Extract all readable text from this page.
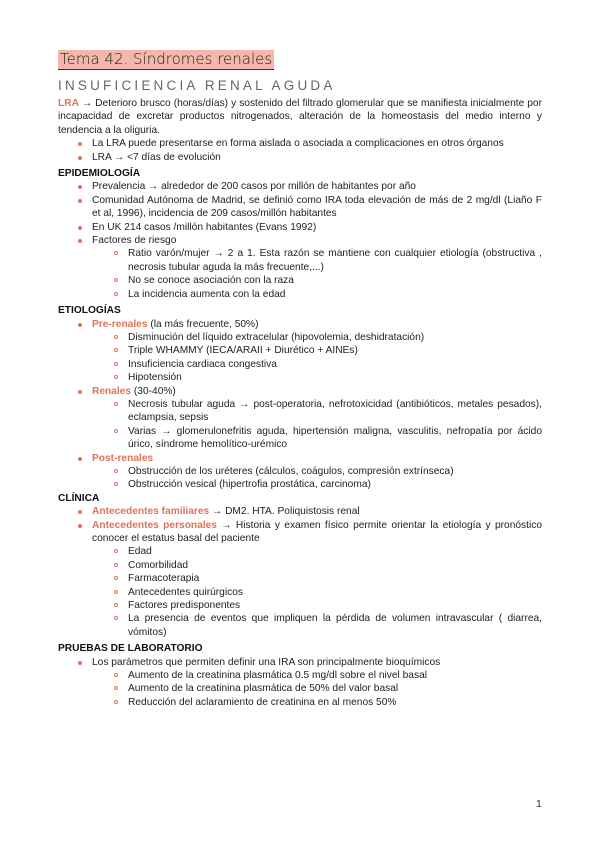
Tema 42. Síndromes renales
INSUFICIENCIA RENAL AGUDA

LRA → Deterioro brusco (horas/días) y sostenido del filtrado glomerular que se manifiesta inicialmente por incapacidad de excretar productos nitrogenados, alteración de la homeostasis del medio interno y tendencia a la oliguria.

La LRA puede presentarse en forma aislada o asociada a complicaciones en otros órganos
LRA → <7 días de evolución

EPIDEMIOLOGÍA

Prevalencia → alrededor de 200 casos por millón de habitantes por año
Comunidad Autónoma de Madrid, se definió como IRA toda elevación de más de 2 mg/dl (Liaño F et al, 1996), incidencia de 209 casos/millón habitantes
En UK 214 casos /millón habitantes (Evans 1992)
Factores de riesgo
Ratio varón/mujer → 2 a 1. Esta razón se mantiene con cualquier etiología (obstructiva , necrosis tubular aguda la más frecuente,...)
No se conoce asociación con la raza
La incidencia aumenta con la edad

ETIOLOGÍAS

Pre-renales (la más frecuente, 50%)
Disminución del líquido extracelular (hipovolemia, deshidratación)
Triple WHAMMY (IECA/ARAII + Diurético + AINEs)
Insuficiencia cardiaca congestiva
Hipotensión
Renales (30-40%)
Necrosis tubular aguda → post-operatoria, nefrotoxicidad (antibióticos, metales pesados), eclampsia, sepsis
Varias → glomerulonefritis aguda, hipertensión maligna, vasculitis, nefropatía por ácido úrico, síndrome hemolítico-urémico
Post-renales
Obstrucción de los uréteres (cálculos, coágulos, compresión extrínseca)
Obstrucción vesical (hipertrofia prostática, carcinoma)

CLÍNICA

Antecedentes familiares → DM2. HTA. Poliquistosis renal
Antecedentes personales → Historia y examen físico permite orientar la etiología y pronóstico conocer el estatus basal del paciente
Edad
Comorbilidad
Farmacoterapia
Antecedentes quirúrgicos
Factores predisponentes
La presencia de eventos que impliquen la pérdida de volumen intravascular ( diarrea, vómitos)

PRUEBAS DE LABORATORIO

Los parámetros que permiten definir una IRA son principalmente bioquímicos
Aumento de la creatinina plasmática 0.5 mg/dl sobre el nivel basal
Aumento de la creatinina plasmática de 50% del valor basal
Reducción del aclaramiento de creatinina en al menos 50%
1
